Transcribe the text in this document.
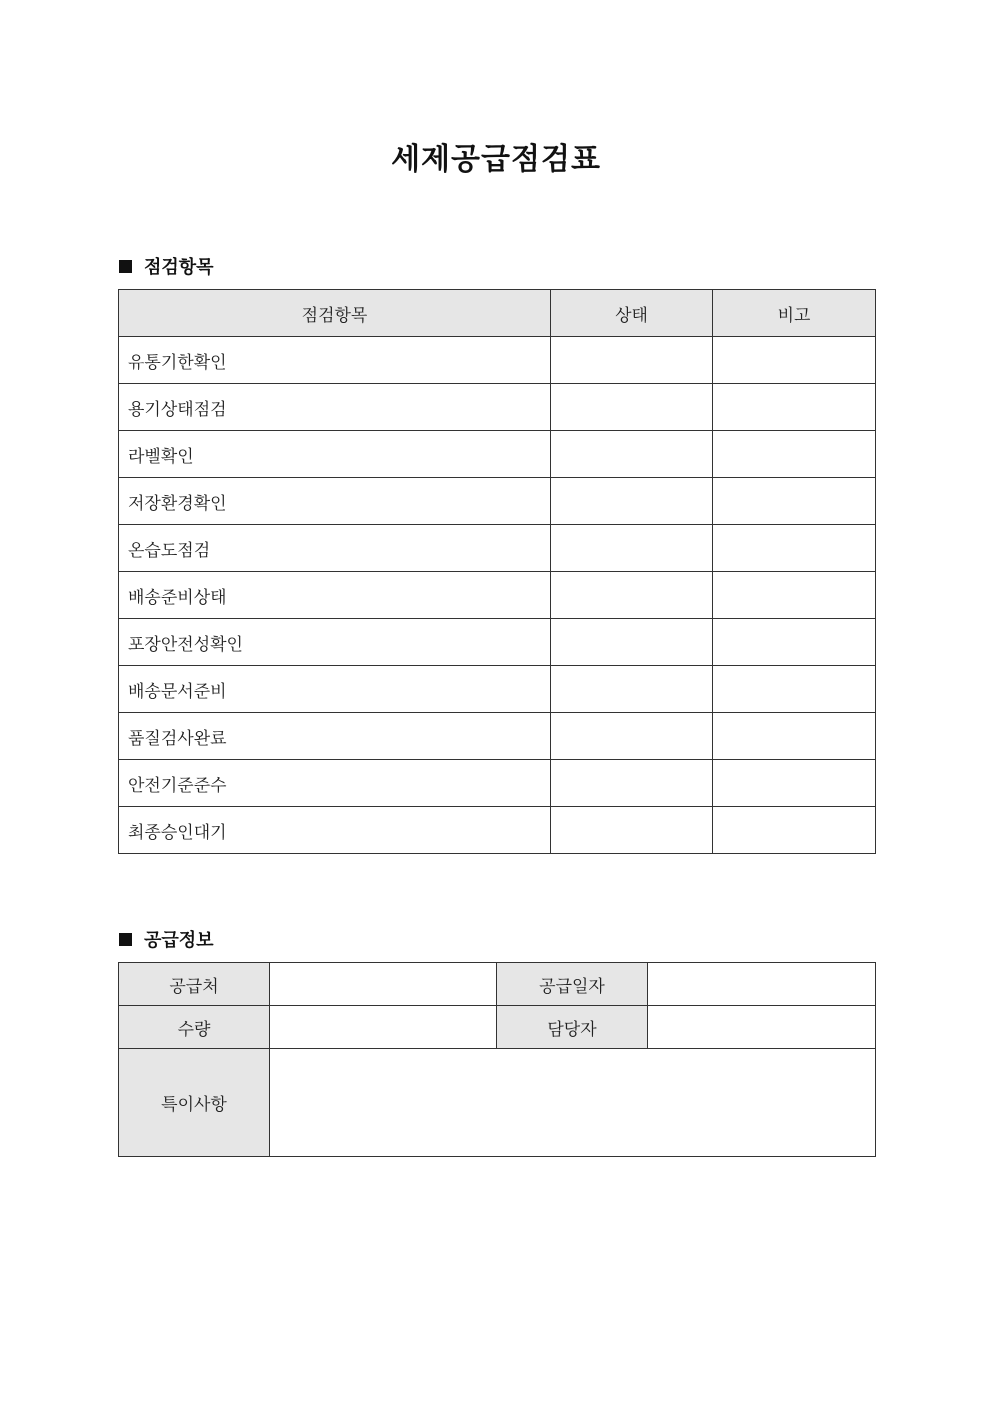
세제공급점검표
점검항목
점검항목	상태	비고
유통기한확인		
용기상태점검		
라벨확인		
저장환경확인		
온습도점검		
배송준비상태		
포장안전성확인		
배송문서준비		
품질검사완료		
안전기준준수		
최종승인대기		
공급정보
공급처		공급일자	
수량		담당자	
특이사항			
